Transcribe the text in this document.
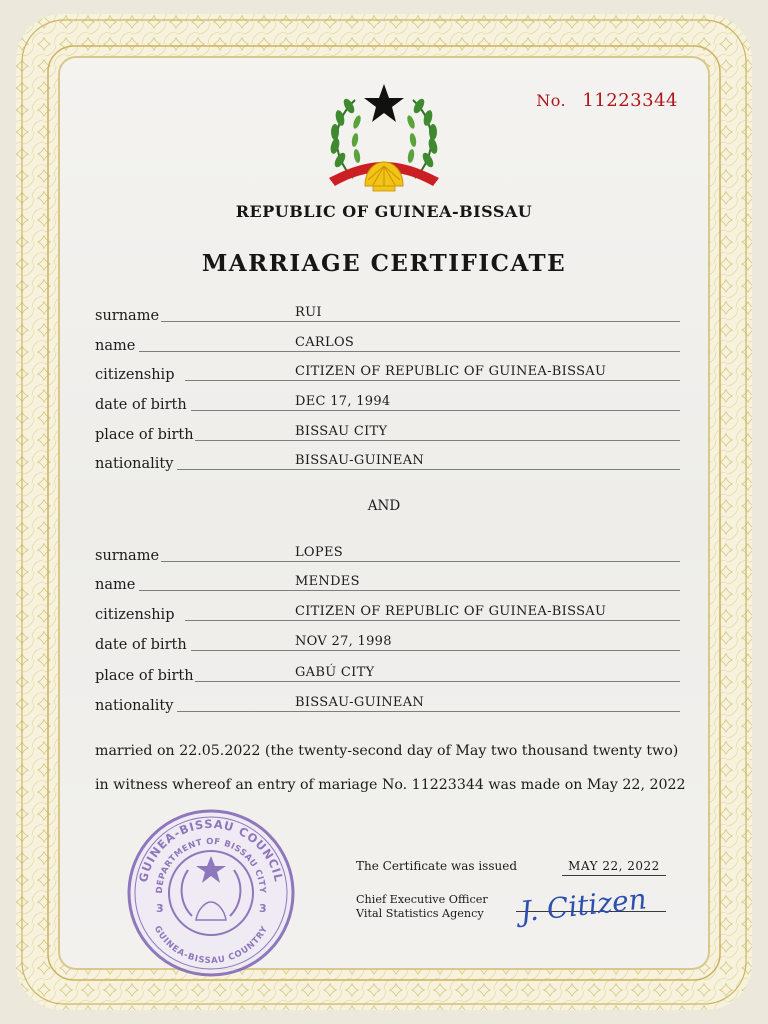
No. 11223344
REPUBLIC OF GUINEA-BISSAU
MARRIAGE CERTIFICATE
surname	RUI
name	CARLOS
citizenship	CITIZEN OF REPUBLIC OF GUINEA-BISSAU
date of birth	DEC 17, 1994
place of birth	BISSAU CITY
nationality	BISSAU-GUINEAN
AND
surname	LOPES
name	MENDES
citizenship	CITIZEN OF REPUBLIC OF GUINEA-BISSAU
date of birth	NOV 27, 1998
place of birth	GABÚ CITY
nationality	BISSAU-GUINEAN
married on 22.05.2022 (the twenty-second day of May two thousand twenty two)
in witness whereof an entry of mariage No. 11223344 was made on May 22, 2022
GUINEA-BISSAU COUNCIL
DEPARTMENT OF BISSAU CITY
GUINEA-BISSAU COUNTRY
3	3
The Certificate was issued	MAY 22, 2022
Chief Executive Officer
Vital Statistics Agency J. Citizen
